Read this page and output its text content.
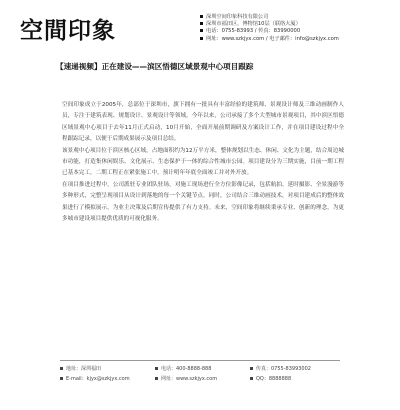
空間印象
深圳空间印象科技有限公司
深圳市福田区，博物馆10层（联络大厦）
电话：0755-83993 / 传真：83990000
网址：www.szkjyx.com / 电子邮件：info@szkjyx.com
【速递视频】正在建设——滨区悟德区域景观中心项目跟踪

空间印象成立于2005年，总部位于深圳市，旗下拥有一批具有丰富经验的建筑师、景观设计师及三维动画制作人员，专注于建筑表现、规划设计、景观设计等领域。今年以来，公司承接了多个大型城市景观项目，其中滨区悟德区域景观中心项目于去年11月正式启动，10月开始，全面开展前期调研及方案设计工作，并在项目建设过程中全程跟踪记录，以便于后期成果展示及项目总结。

该景观中心项目位于滨区核心区域，占地面积约为12万平方米，整体规划以生态、休闲、文化为主题，结合周边城市功能，打造集休闲娱乐、文化展示、生态保护于一体的综合性城市公园。项目建设分为三期实施，目前一期工程已基本完工，二期工程正在紧张施工中，预计明年年底全面竣工并对外开放。

在项目推进过程中，公司派驻专业团队驻场，对施工现场进行全方位影像记录，包括航拍、延时摄影、全景漫游等多种形式，完整呈现项目从设计到落地的每一个关键节点。同时，公司结合三维动画技术，对项目建成后的整体效果进行了模拟展示，为业主决策及后期宣传提供了有力支持。未来，空间印象将继续秉承专业、创新的理念，为更多城市建设项目提供优质的可视化服务。

地址：深圳福田	电话：400-8888-888	传真：0755-83993002
E-mail：kjyx@szkjyx.com	网址：www.szkjyx.com	QQ：8888888
